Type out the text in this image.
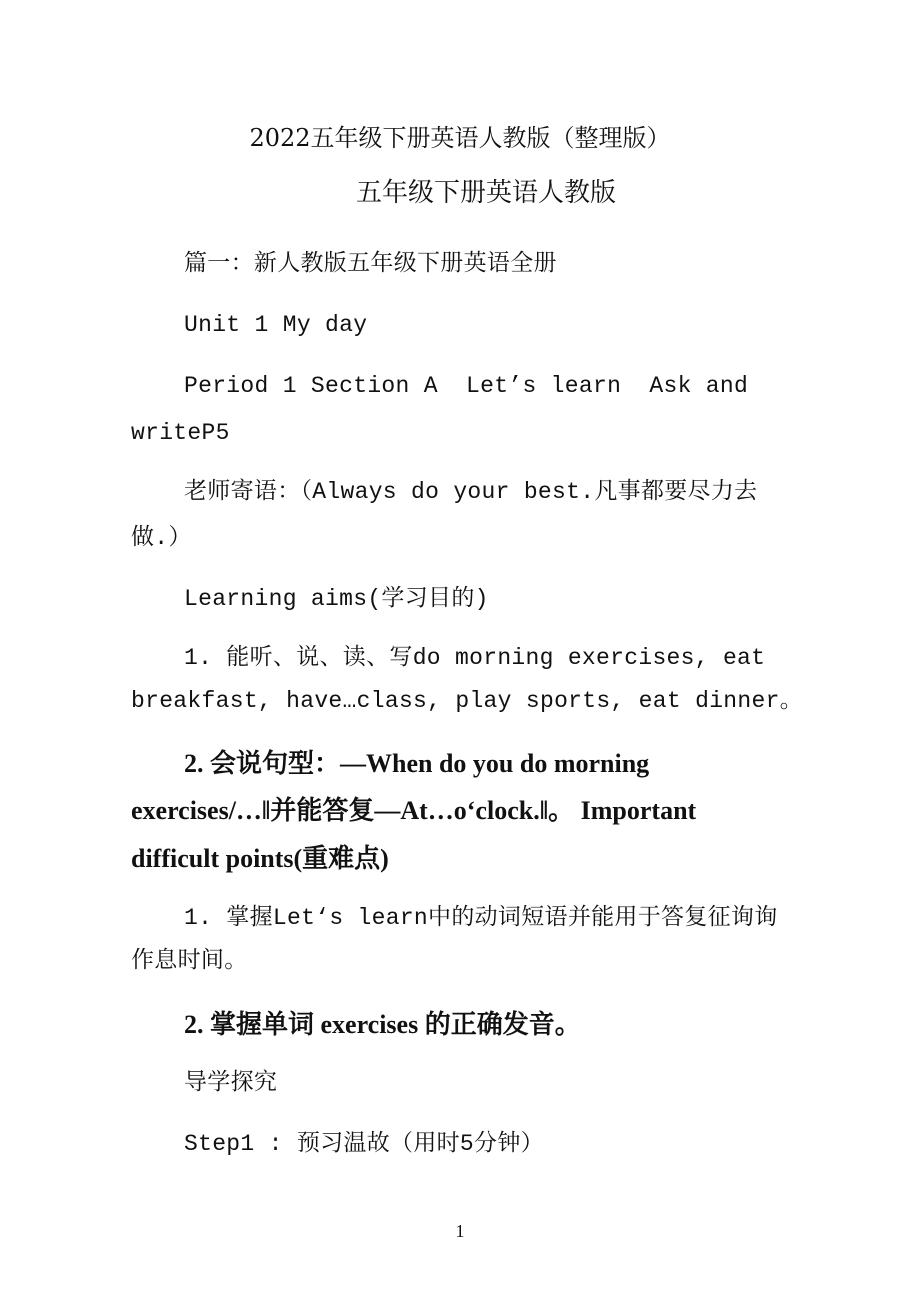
2022五年级下册英语人教版（整理版）
五年级下册英语人教版
篇一：新人教版五年级下册英语全册
Unit 1 My day
Period 1 Section A  Let’s learn  Ask and
writeP5
老师寄语：（Always do your best.凡事都要尽力去
做.）
Learning aims(学习目的)
1. 能听、说、读、写do morning exercises, eat
breakfast, have…class, play sports, eat dinner。
2. 会说句型：—When do you do morning
exercises/…‖并能答复—At…o‘clock.‖。 Important
difficult points(重难点)
1. 掌握Let‘s learn中的动词短语并能用于答复征询询
作息时间。
2. 掌握单词 exercises 的正确发音。
导学探究
Step1 : 预习温故（用时5分钟）
1
